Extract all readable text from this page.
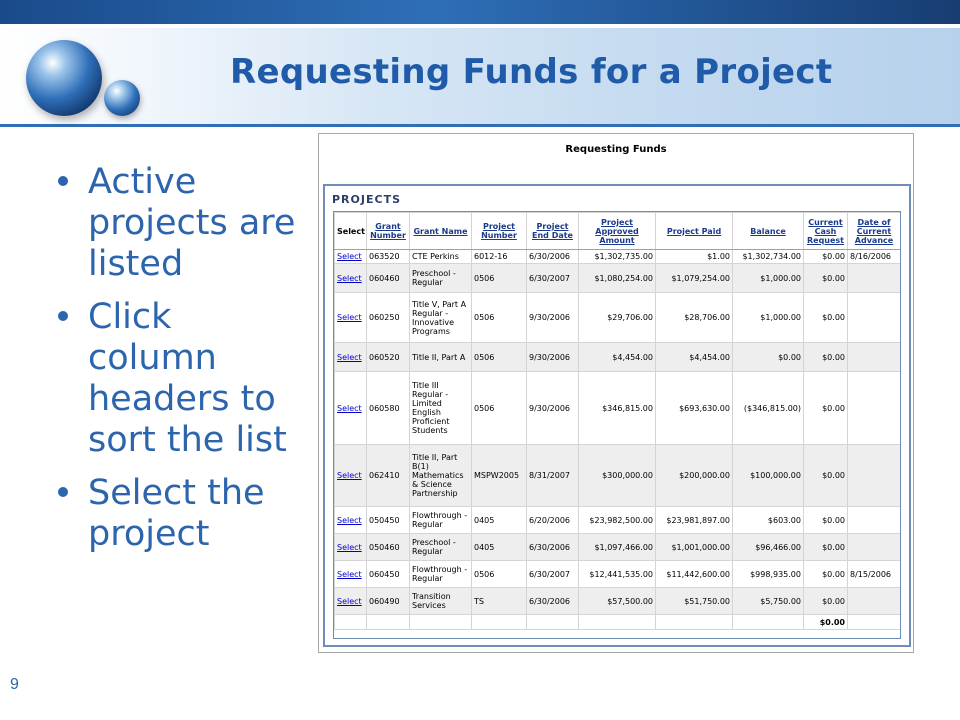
Requesting Funds for a Project
Active projects are listed
Click column headers to sort the list
Select the project
9
Requesting Funds
PROJECTS
Select	Grant Number	Grant Name	Project Number	Project End Date	Project Approved Amount	Project Paid	Balance	Current Cash Request	Date of Current Advance
Select	063520	CTE Perkins	6012-16	6/30/2006	$1,302,735.00	$1.00	$1,302,734.00	$0.00	8/16/2006
Select	060460	Preschool - Regular	0506	6/30/2007	$1,080,254.00	$1,079,254.00	$1,000.00	$0.00	
Select	060250	Title V, Part A Regular - Innovative Programs	0506	9/30/2006	$29,706.00	$28,706.00	$1,000.00	$0.00	
Select	060520	Title II, Part A	0506	9/30/2006	$4,454.00	$4,454.00	$0.00	$0.00	
Select	060580	Title III Regular - Limited English Proficient Students	0506	9/30/2006	$346,815.00	$693,630.00	($346,815.00)	$0.00	
Select	062410	Title II, Part B(1) Mathematics & Science Partnership	MSPW2005	8/31/2007	$300,000.00	$200,000.00	$100,000.00	$0.00	
Select	050450	Flowthrough - Regular	0405	6/20/2006	$23,982,500.00	$23,981,897.00	$603.00	$0.00	
Select	050460	Preschool - Regular	0405	6/30/2006	$1,097,466.00	$1,001,000.00	$96,466.00	$0.00	
Select	060450	Flowthrough - Regular	0506	6/30/2007	$12,441,535.00	$11,442,600.00	$998,935.00	$0.00	8/15/2006
Select	060490	Transition Services	TS	6/30/2006	$57,500.00	$51,750.00	$5,750.00	$0.00	
								$0.00	
